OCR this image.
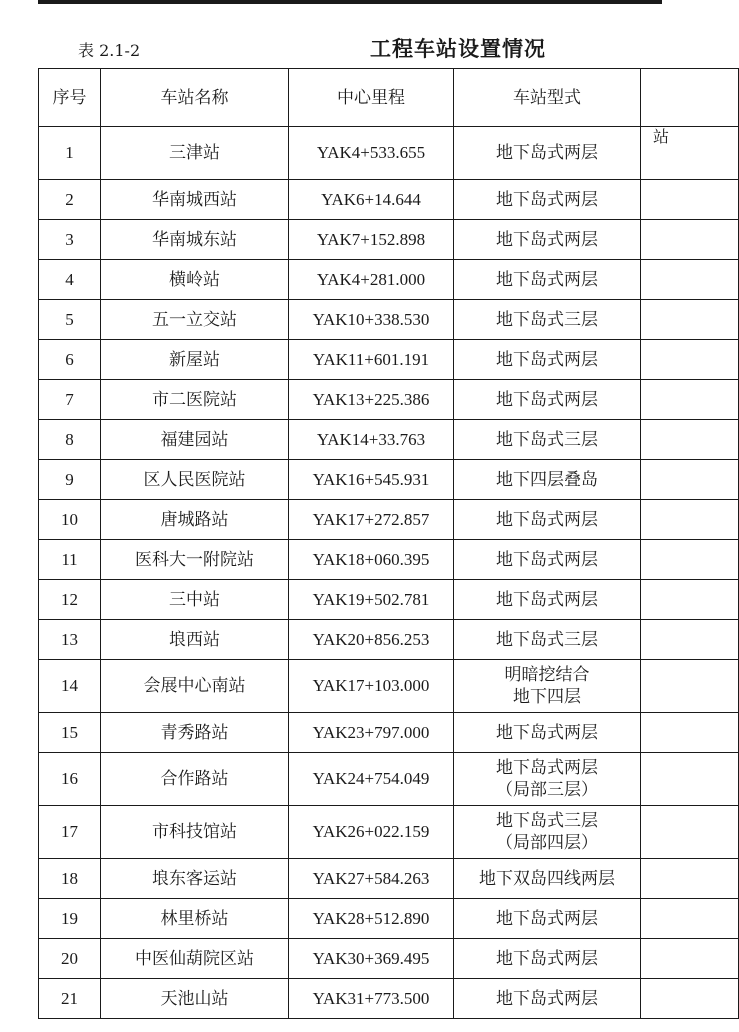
表 2.1-2	工程车站设置情况
序号	车站名称	中心里程	车站型式	
1	三津站	YAK4+533.655	地下岛式两层	站
2	华南城西站	YAK6+14.644	地下岛式两层	

3	华南城东站	YAK7+152.898	地下岛式两层	

4	横岭站	YAK4+281.000	地下岛式两层	

5	五一立交站	YAK10+338.530	地下岛式三层	

6	新屋站	YAK11+601.191	地下岛式两层	

7	市二医院站	YAK13+225.386	地下岛式两层	

8	福建园站	YAK14+33.763	地下岛式三层	

9	区人民医院站	YAK16+545.931	地下四层叠岛	

10	唐城路站	YAK17+272.857	地下岛式两层	

11	医科大一附院站	YAK18+060.395	地下岛式两层	

12	三中站	YAK19+502.781	地下岛式两层	

13	埌西站	YAK20+856.253	地下岛式三层	

14	会展中心南站	YAK17+103.000	明暗挖结合
地下四层	

15	青秀路站	YAK23+797.000	地下岛式两层	

16	合作路站	YAK24+754.049	地下岛式两层
（局部三层）	

17	市科技馆站	YAK26+022.159	地下岛式三层
（局部四层）	

18	埌东客运站	YAK27+584.263	地下双岛四线两层	

19	林里桥站	YAK28+512.890	地下岛式两层	

20	中医仙葫院区站	YAK30+369.495	地下岛式两层	

21	天池山站	YAK31+773.500	地下岛式两层	
